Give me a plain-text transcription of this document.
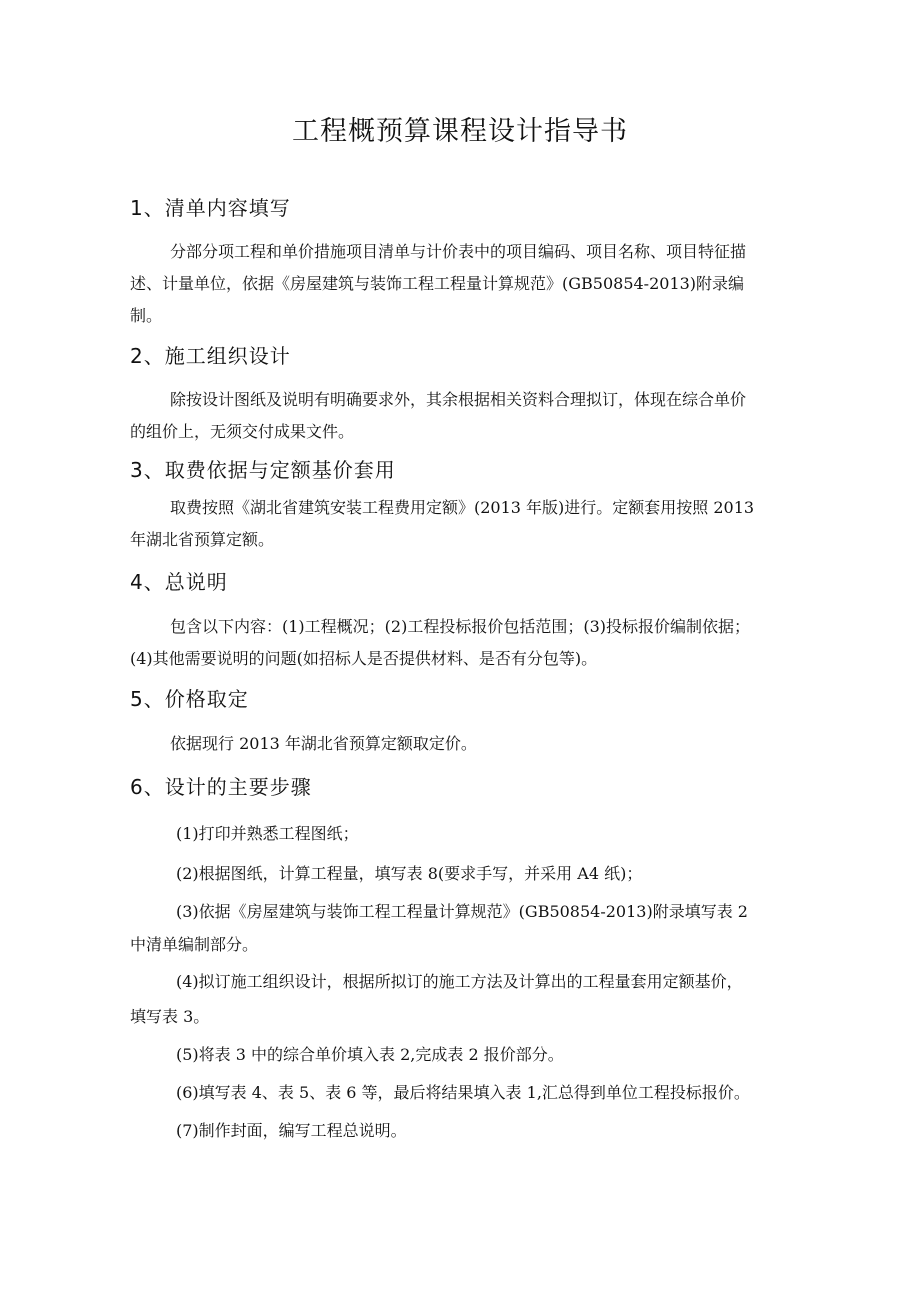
工程概预算课程设计指导书
1、清单内容填写

分部分项工程和单价措施项目清单与计价表中的项目编码、项目名称、项目特征描

述、计量单位，依据《房屋建筑与装饰工程工程量计算规范》(GB50854-2013)附录编

制。

2、施工组织设计

除按设计图纸及说明有明确要求外，其余根据相关资料合理拟订，体现在综合单价

的组价上，无须交付成果文件。

3、取费依据与定额基价套用

取费按照《湖北省建筑安装工程费用定额》(2013 年版)进行。定额套用按照 2013

年湖北省预算定额。

4、总说明

包含以下内容：(1)工程概况；(2)工程投标报价包括范围；(3)投标报价编制依据；

(4)其他需要说明的问题(如招标人是否提供材料、是否有分包等)。

5、价格取定

依据现行 2013 年湖北省预算定额取定价。

6、设计的主要步骤

(1)打印并熟悉工程图纸；

(2)根据图纸，计算工程量，填写表 8(要求手写，并采用 A4 纸)；

(3)依据《房屋建筑与装饰工程工程量计算规范》(GB50854-2013)附录填写表 2

中清单编制部分。

(4)拟订施工组织设计，根据所拟订的施工方法及计算出的工程量套用定额基价，

填写表 3。

(5)将表 3 中的综合单价填入表 2,完成表 2 报价部分。

(6)填写表 4、表 5、表 6 等，最后将结果填入表 1,汇总得到单位工程投标报价。

(7)制作封面，编写工程总说明。
